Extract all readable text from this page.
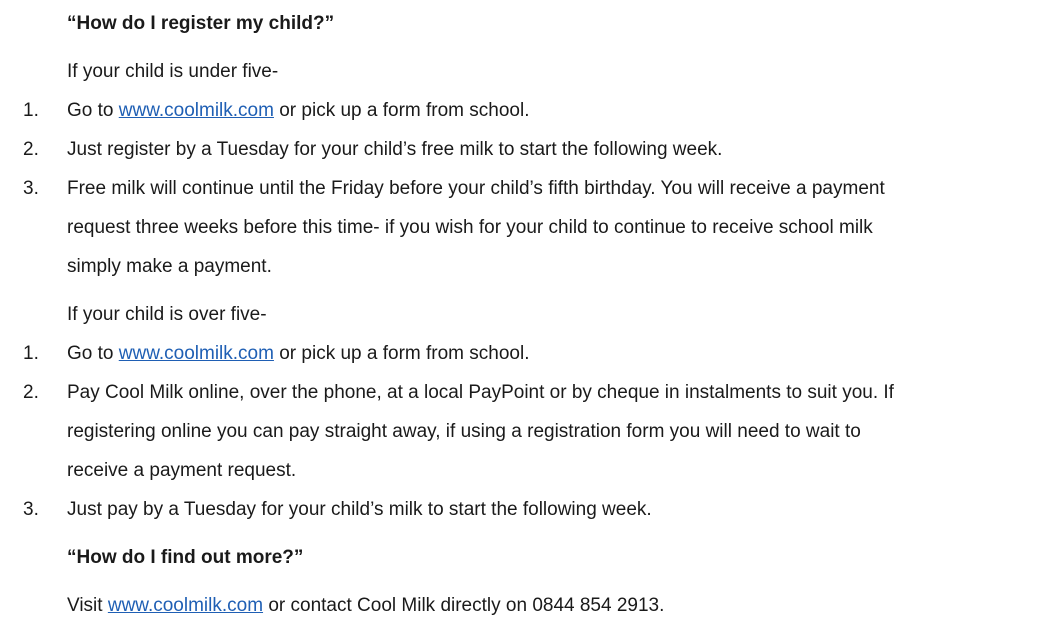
“How do I register my child?”
If your child is under five-
1. Go to www.coolmilk.com or pick up a form from school.
2. Just register by a Tuesday for your child’s free milk to start the following week.
3. Free milk will continue until the Friday before your child’s fifth birthday. You will receive a payment
request three weeks before this time- if you wish for your child to continue to receive school milk
simply make a payment.
If your child is over five-
1. Go to www.coolmilk.com or pick up a form from school.
2. Pay Cool Milk online, over the phone, at a local PayPoint or by cheque in instalments to suit you. If
registering online you can pay straight away, if using a registration form you will need to wait to
receive a payment request.
3. Just pay by a Tuesday for your child’s milk to start the following week.
“How do I find out more?”
Visit www.coolmilk.com or contact Cool Milk directly on 0844 854 2913.
